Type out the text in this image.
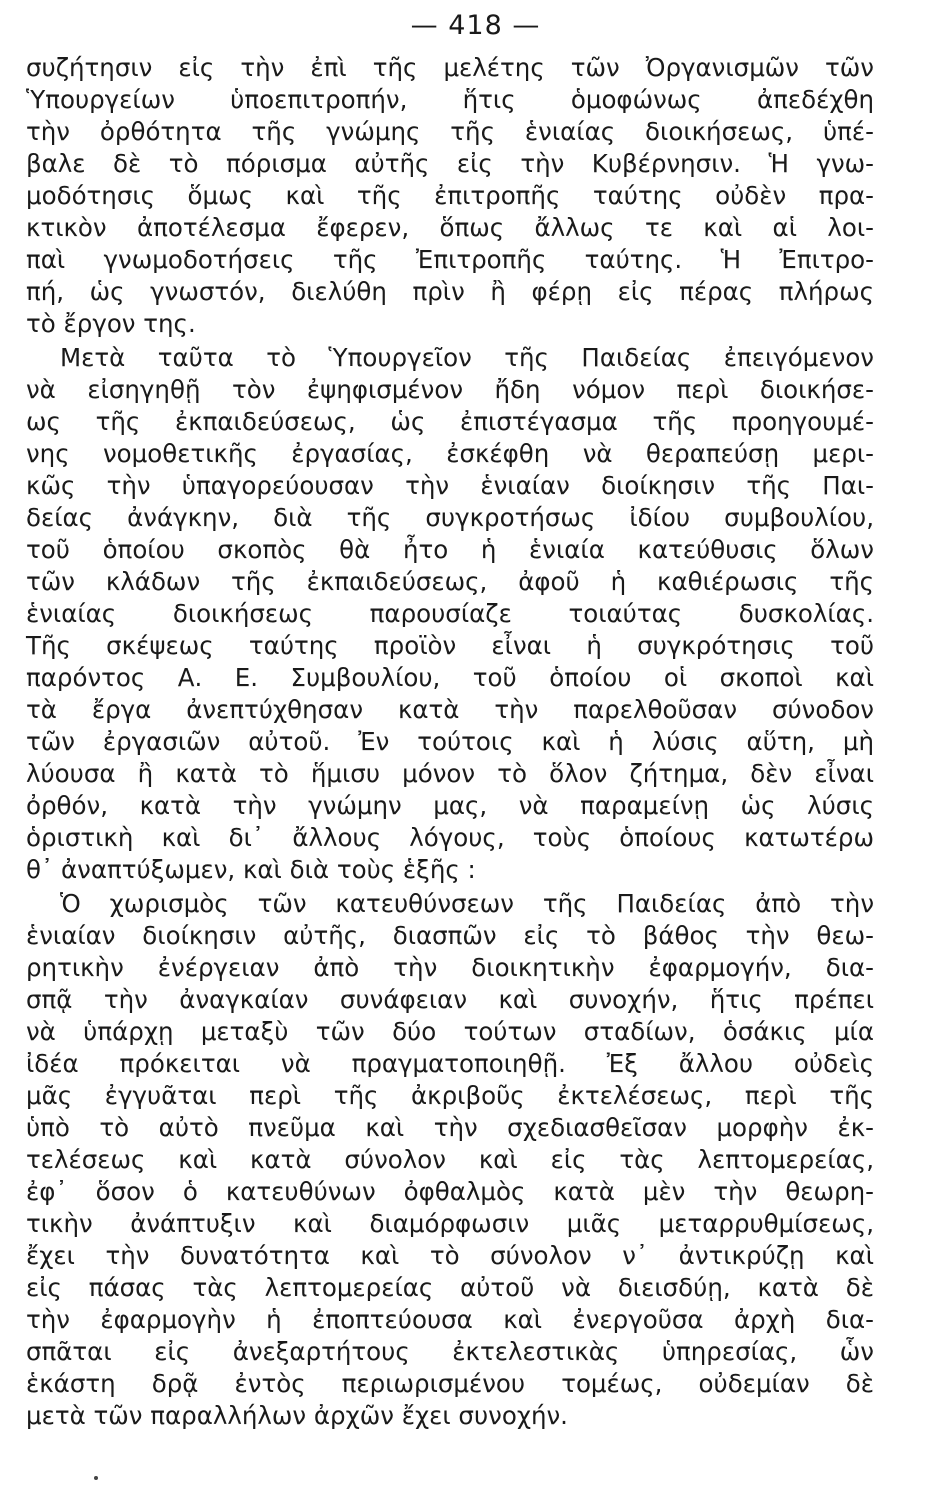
— 418 —
συζήτησιν εἰς τὴν ἐπὶ τῆς μελέτης τῶν Ὀργανισμῶν τῶν
Ὑπουργείων ὑποεπιτροπήν, ἥτις ὁμοφώνως ἀπεδέχθη
τὴν ὀρθότητα τῆς γνώμης τῆς ἑνιαίας διοικήσεως, ὑπέ-
βαλε δὲ τὸ πόρισμα αὐτῆς εἰς τὴν Κυβέρνησιν. Ἡ γνω-
μοδότησις ὅμως καὶ τῆς ἐπιτροπῆς ταύτης οὐδὲν πρα-
κτικὸν ἀποτέλεσμα ἔφερεν, ὅπως ἄλλως τε καὶ αἱ λοι-
παὶ γνωμοδοτήσεις τῆς Ἐπιτροπῆς ταύτης. Ἡ Ἐπιτρο-
πή, ὡς γνωστόν, διελύθη πρὶν ἢ φέρῃ εἰς πέρας πλήρως
τὸ ἔργον της.
Μετὰ ταῦτα τὸ Ὑπουργεῖον τῆς Παιδείας ἐπειγόμενον
νὰ εἰσηγηθῇ τὸν ἐψηφισμένον ἤδη νόμον περὶ διοικήσε-
ως τῆς ἐκπαιδεύσεως, ὡς ἐπιστέγασμα τῆς προηγουμέ-
νης νομοθετικῆς ἐργασίας, ἐσκέφθη νὰ θεραπεύσῃ μερι-
κῶς τὴν ὑπαγορεύουσαν τὴν ἑνιαίαν διοίκησιν τῆς Παι-
δείας ἀνάγκην, διὰ τῆς συγκροτήσως ἰδίου συμβουλίου,
τοῦ ὁποίου σκοπὸς θὰ ἦτο ἡ ἑνιαία κατεύθυσις ὅλων
τῶν κλάδων τῆς ἐκπαιδεύσεως, ἀφοῦ ἡ καθιέρωσις τῆς
ἑνιαίας διοικήσεως παρουσίαζε τοιαύτας δυσκολίας.
Τῆς σκέψεως ταύτης προϊὸν εἶναι ἡ συγκρότησις τοῦ
παρόντος Α. Ε. Συμβουλίου, τοῦ ὁποίου οἱ σκοποὶ καὶ
τὰ ἔργα ἀνεπτύχθησαν κατὰ τὴν παρελθοῦσαν σύνοδον
τῶν ἐργασιῶν αὐτοῦ. Ἐν τούτοις καὶ ἡ λύσις αὕτη, μὴ
λύουσα ἢ κατὰ τὸ ἥμισυ μόνον τὸ ὅλον ζήτημα, δὲν εἶναι
ὀρθόν, κατὰ τὴν γνώμην μας, νὰ παραμείνῃ ὡς λύσις
ὁριστικὴ καὶ δι᾽ ἄλλους λόγους, τοὺς ὁποίους κατωτέρω
θ᾽ ἀναπτύξωμεν, καὶ διὰ τοὺς ἑξῆς :
Ὁ χωρισμὸς τῶν κατευθύνσεων τῆς Παιδείας ἀπὸ τὴν
ἑνιαίαν διοίκησιν αὐτῆς, διασπῶν εἰς τὸ βάθος τὴν θεω-
ρητικὴν ἐνέργειαν ἀπὸ τὴν διοικητικὴν ἐφαρμογήν, δια-
σπᾷ τὴν ἀναγκαίαν συνάφειαν καὶ συνοχήν, ἥτις πρέπει
νὰ ὑπάρχῃ μεταξὺ τῶν δύο τούτων σταδίων, ὁσάκις μία
ἰδέα πρόκειται νὰ πραγματοποιηθῇ. Ἐξ ἄλλου οὐδεὶς
μᾶς ἐγγυᾶται περὶ τῆς ἀκριβοῦς ἐκτελέσεως, περὶ τῆς
ὑπὸ τὸ αὐτὸ πνεῦμα καὶ τὴν σχεδιασθεῖσαν μορφὴν ἐκ-
τελέσεως καὶ κατὰ σύνολον καὶ εἰς τὰς λεπτομερείας,
ἐφ᾽ ὅσον ὁ κατευθύνων ὀφθαλμὸς κατὰ μὲν τὴν θεωρη-
τικὴν ἀνάπτυξιν καὶ διαμόρφωσιν μιᾶς μεταρρυθμίσεως,
ἔχει τὴν δυνατότητα καὶ τὸ σύνολον ν᾽ ἀντικρύζῃ καὶ
εἰς πάσας τὰς λεπτομερείας αὐτοῦ νὰ διεισδύῃ, κατὰ δὲ
τὴν ἐφαρμογὴν ἡ ἐποπτεύουσα καὶ ἐνεργοῦσα ἀρχὴ δια-
σπᾶται εἰς ἀνεξαρτήτους ἐκτελεστικὰς ὑπηρεσίας, ὧν
ἑκάστη δρᾷ ἐντὸς περιωρισμένου τομέως, οὐδεμίαν δὲ
μετὰ τῶν παραλλήλων ἀρχῶν ἔχει συνοχήν.
